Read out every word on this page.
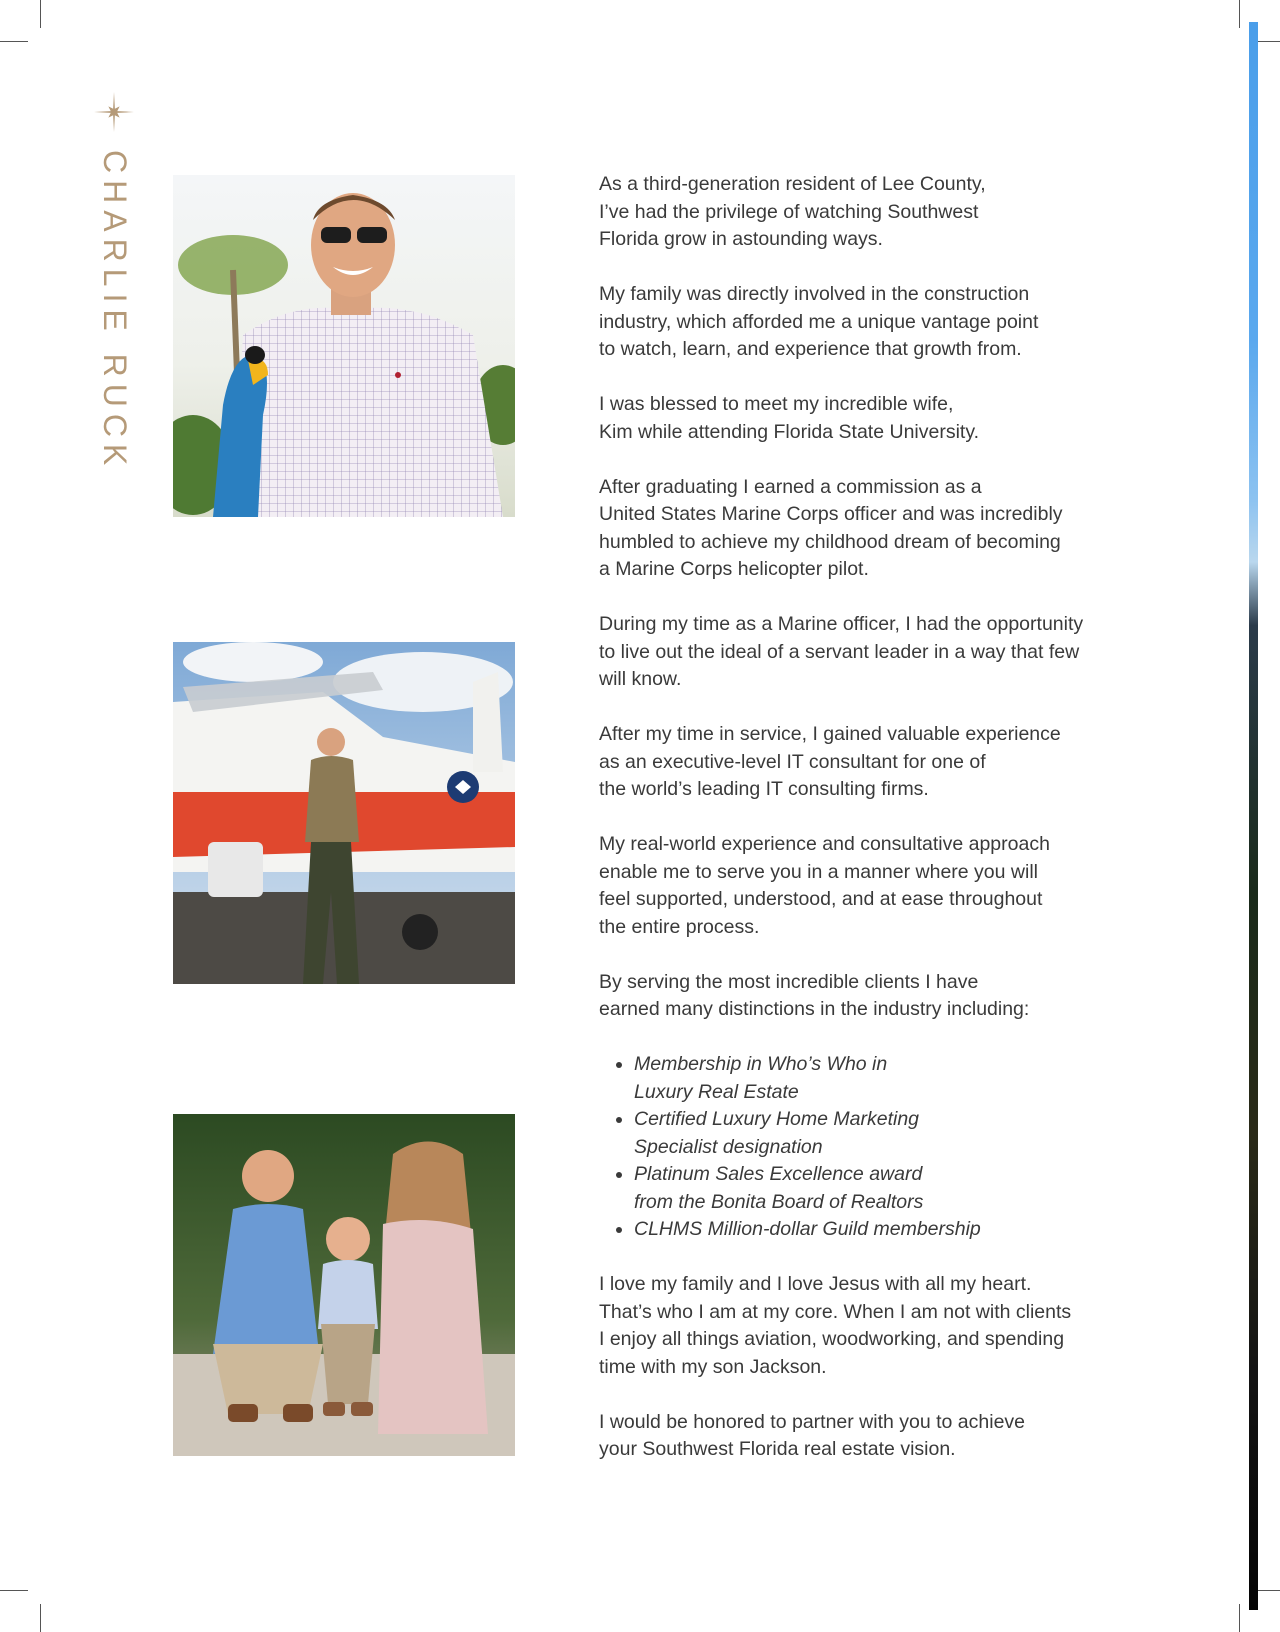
CHARLIE RUCK	As a third-generation resident of Lee County,
I’ve had the privilege of watching Southwest
Florida grow in astounding ways.

My family was directly involved in the construction
industry, which afforded me a unique vantage point
to watch, learn, and experience that growth from.

I was blessed to meet my incredible wife,
Kim while attending Florida State University.

After graduating I earned a commission as a
United States Marine Corps officer and was incredibly
humbled to achieve my childhood dream of becoming
a Marine Corps helicopter pilot.

During my time as a Marine officer, I had the opportunity
to live out the ideal of a servant leader in a way that few
will know.

After my time in service, I gained valuable experience
as an executive-level IT consultant for one of
the world’s leading IT consulting firms.

My real-world experience and consultative approach
enable me to serve you in a manner where you will
feel supported, understood, and at ease throughout
the entire process.

By serving the most incredible clients I have
earned many distinctions in the industry including:

• Membership in Who’s Who in
Luxury Real Estate
• Certified Luxury Home Marketing
Specialist designation
• Platinum Sales Excellence award
from the Bonita Board of Realtors
• CLHMS Million-dollar Guild membership

I love my family and I love Jesus with all my heart.
That’s who I am at my core. When I am not with clients
I enjoy all things aviation, woodworking, and spending
time with my son Jackson.

I would be honored to partner with you to achieve
your Southwest Florida real estate vision.
